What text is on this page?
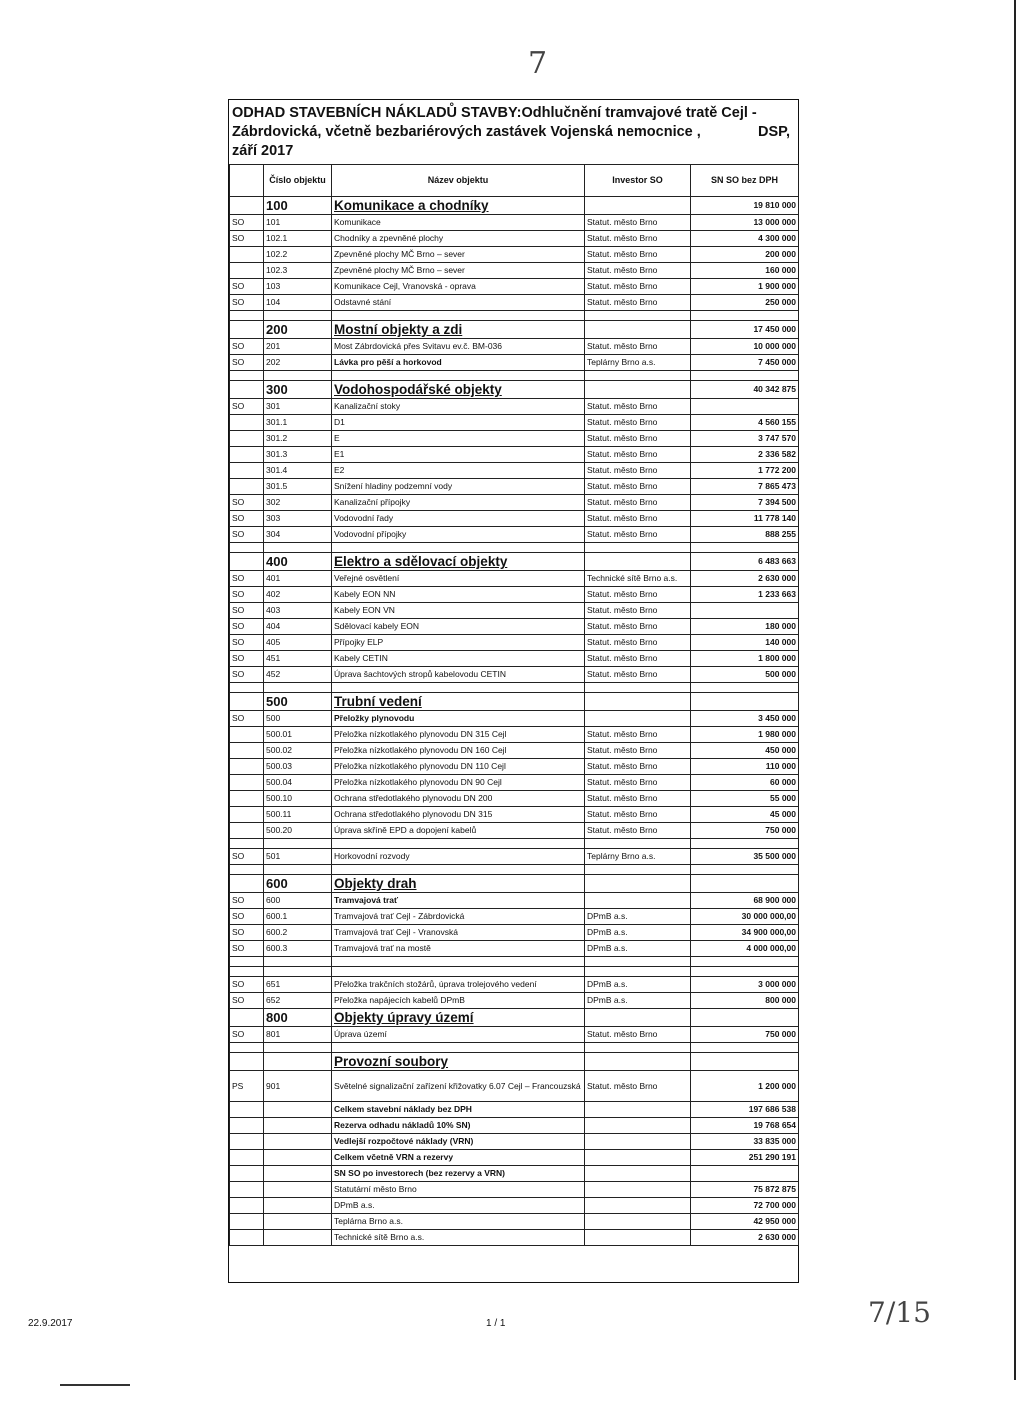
7
7/15
ODHAD STAVEBNÍCH NÁKLADŮ STAVBY:Odhlučnění tramvajové tratě Cejl -
Zábrdovická, včetně bezbariérových zastávek Vojenská nemocnice ,	DSP,
září 2017
	Číslo objektu	Název objektu	Investor SO	SN SO bez DPH
	100	Komunikace a chodníky		19 810 000
SO	101	Komunikace	Statut. město Brno	13 000 000
SO	102.1	Chodníky a zpevněné plochy	Statut. město Brno	4 300 000
	102.2	Zpevněné plochy MČ Brno – sever	Statut. město Brno	200 000
	102.3	Zpevněné plochy MČ Brno – sever	Statut. město Brno	160 000
SO	103	Komunikace Cejl, Vranovská - oprava	Statut. město Brno	1 900 000
SO	104	Odstavné stání	Statut. město Brno	250 000

	200	Mostní objekty a zdi		17 450 000
SO	201	Most Zábrdovická přes Svitavu ev.č. BM-036	Statut. město Brno	10 000 000
SO	202	Lávka pro pěší a horkovod	Teplárny Brno a.s.	7 450 000

	300	Vodohospodářské objekty		40 342 875
SO	301	Kanalizační stoky	Statut. město Brno	
	301.1	D1	Statut. město Brno	4 560 155
	301.2	E	Statut. město Brno	3 747 570
	301.3	E1	Statut. město Brno	2 336 582
	301.4	E2	Statut. město Brno	1 772 200
	301.5	Snížení hladiny podzemní vody	Statut. město Brno	7 865 473
SO	302	Kanalizační přípojky	Statut. město Brno	7 394 500
SO	303	Vodovodní řady	Statut. město Brno	11 778 140
SO	304	Vodovodní přípojky	Statut. město Brno	888 255

	400	Elektro a sdělovací objekty		6 483 663
SO	401	Veřejné osvětlení	Technické sítě Brno a.s.	2 630 000
SO	402	Kabely EON NN	Statut. město Brno	1 233 663
SO	403	Kabely EON VN	Statut. město Brno	
SO	404	Sdělovací kabely EON	Statut. město Brno	180 000
SO	405	Přípojky ELP	Statut. město Brno	140 000
SO	451	Kabely CETIN	Statut. město Brno	1 800 000
SO	452	Úprava šachtových stropů kabelovodu CETIN	Statut. město Brno	500 000

	500	Trubní vedení		
SO	500	Přeložky plynovodu		3 450 000
	500.01	Přeložka nízkotlakého plynovodu DN 315 Cejl	Statut. město Brno	1 980 000
	500.02	Přeložka nízkotlakého plynovodu DN 160 Cejl	Statut. město Brno	450 000
	500.03	Přeložka nízkotlakého plynovodu DN 110 Cejl	Statut. město Brno	110 000
	500.04	Přeložka nízkotlakého plynovodu DN 90 Cejl	Statut. město Brno	60 000
	500.10	Ochrana středotlakého plynovodu DN 200	Statut. město Brno	55 000
	500.11	Ochrana středotlakého plynovodu DN 315	Statut. město Brno	45 000
	500.20	Úprava skříně EPD a dopojení kabelů	Statut. město Brno	750 000

SO	501	Horkovodní rozvody	Teplárny Brno a.s.	35 500 000

	600	Objekty drah		
SO	600	Tramvajová trať		68 900 000
SO	600.1	Tramvajová trať Cejl - Zábrdovická	DPmB a.s.	30 000 000,00
SO	600.2	Tramvajová trať Cejl - Vranovská	DPmB a.s.	34 900 000,00
SO	600.3	Tramvajová trať na mostě	DPmB a.s.	4 000 000,00

SO	651	Přeložka trakčních stožárů, úprava trolejového vedení	DPmB a.s.	3 000 000
SO	652	Přeložka napájecích kabelů DPmB	DPmB a.s.	800 000
	800	Objekty úpravy území		
SO	801	Úprava území	Statut. město Brno	750 000

		Provozní soubory		
PS	901	Světelné signalizační zařízení křižovatky 6.07 Cejl – Francouzská	Statut. město Brno	1 200 000
		Celkem stavební náklady bez DPH		197 686 538
		Rezerva odhadu nákladů 10% SN)		19 768 654
		Vedlejší rozpočtové náklady (VRN)		33 835 000
		Celkem včetně VRN a rezervy		251 290 191
		SN SO po investorech (bez rezervy a VRN)		
		Statutární město Brno		75 872 875
		DPmB a.s.		72 700 000
		Teplárna Brno a.s.		42 950 000
		Technické sítě Brno a.s.		2 630 000
22.9.2017	1 / 1
